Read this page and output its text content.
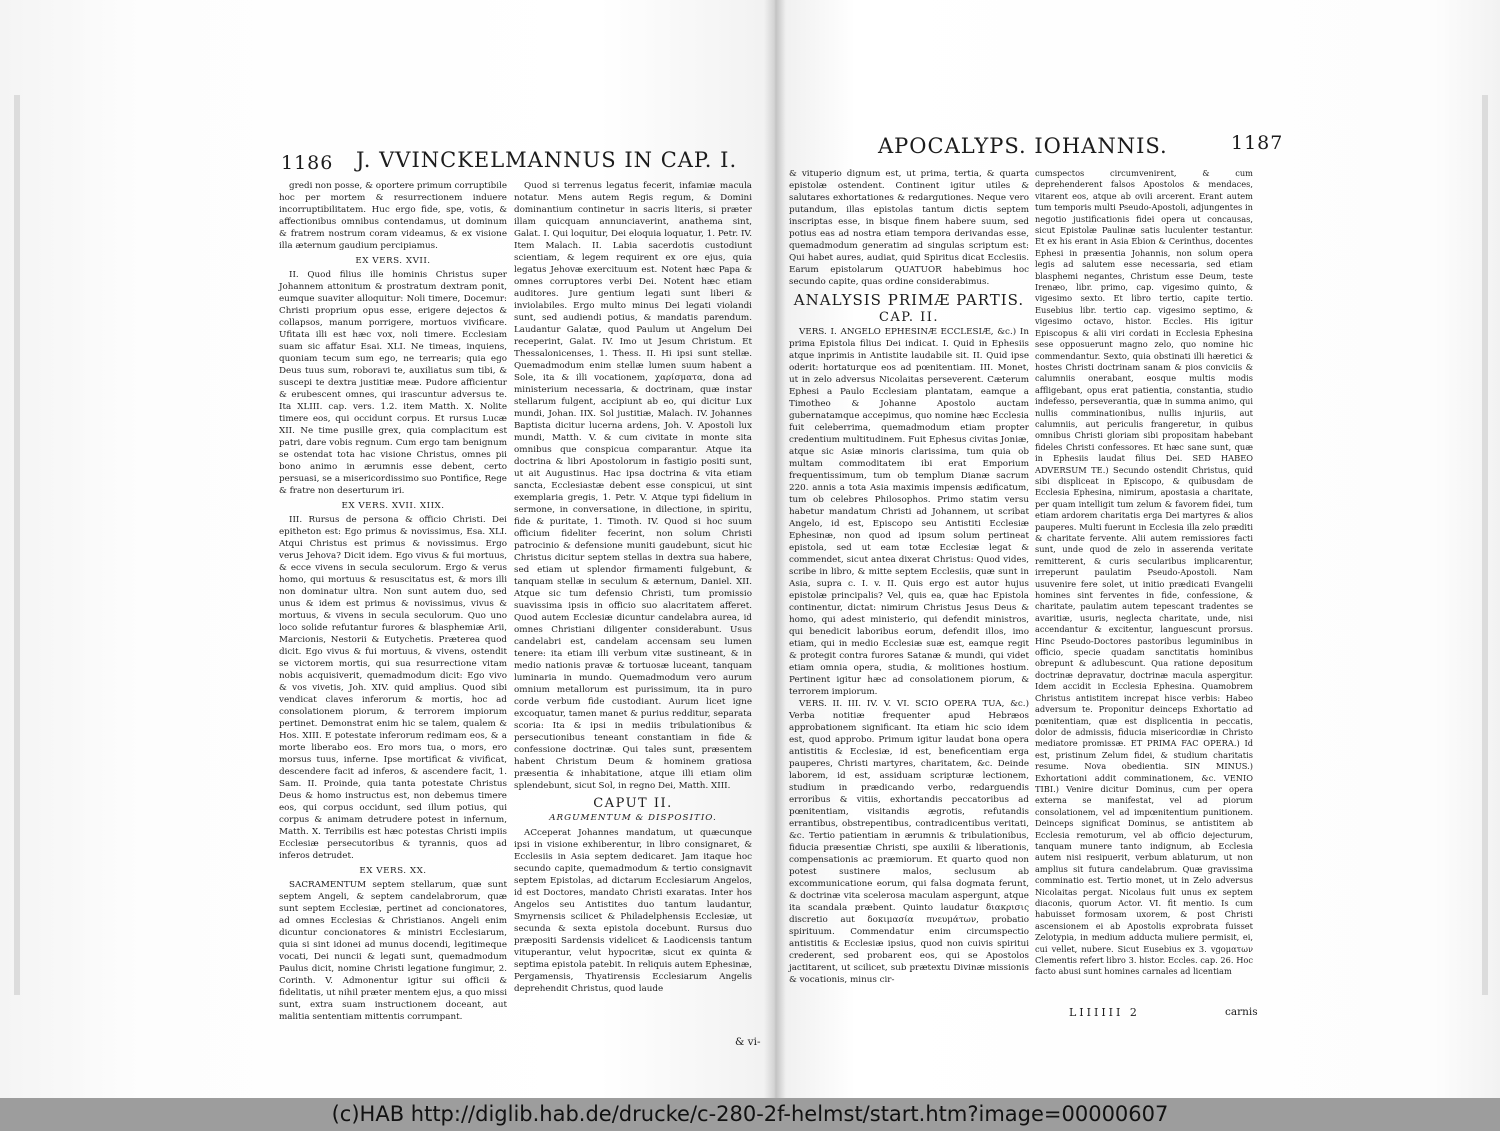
1186 J. VVINCKELMANNUS IN CAP. I.

gredi non posse, & oportere primum corruptibile hoc per mortem & resurrectionem induere incorruptibilitatem. Huc ergo fide, spe, votis, & affectionibus omnibus contendamus, ut dominum & fratrem nostrum coram videamus, & ex visione illa æternum gaudium percipiamus.

EX VERS. XVII.

II. Quod filius ille hominis Christus super Johannem attonitum & prostratum dextram ponit, eumque suaviter alloquitur: Noli timere, Docemur: Christi proprium opus esse, erigere dejectos & collapsos, manum porrigere, mortuos vivificare. Ufitata illi est hæc vox, noli timere. Ecclesiam suam sic affatur Esai. XLI. Ne timeas, inquiens, quoniam tecum sum ego, ne terrearis; quia ego Deus tuus sum, roboravi te, auxiliatus sum tibi, & suscepi te dextra justitiæ meæ. Pudore afficientur & erubescent omnes, qui irascuntur adversus te. Ita XLIII. cap. vers. 1.2. item Matth. X. Nolite timere eos, qui occidunt corpus. Et rursus Lucæ XII. Ne time pusille grex, quia complacitum est patri, dare vobis regnum. Cum ergo tam benignum se ostendat tota hac visione Christus, omnes pii bono animo in ærumnis esse debent, certo persuasi, se a misericordissimo suo Pontifice, Rege & fratre non deserturum iri.

EX VERS. XVII. XIIX.

III. Rursus de persona & officio Christi. Dei epitheton est: Ego primus & novissimus, Esa. XLI. Atqui Christus est primus & novissimus. Ergo verus Jehova? Dicit idem. Ego vivus & fui mortuus, & ecce vivens in secula seculorum. Ergo & verus homo, qui mortuus & resuscitatus est, & mors illi non dominatur ultra. Non sunt autem duo, sed unus & idem est primus & novissimus, vivus & mortuus, & vivens in secula seculorum. Quo uno loco solide refutantur furores & blasphemiæ Arii, Marcionis, Nestorii & Eutychetis. Præterea quod dicit. Ego vivus & fui mortuus, & vivens, ostendit se victorem mortis, qui sua resurrectione vitam nobis acquisiverit, quemadmodum dicit: Ego vivo & vos vivetis, Joh. XIV. quid amplius. Quod sibi vendicat claves inferorum & mortis, hoc ad consolationem piorum, & terrorem impiorum pertinet. Demonstrat enim hic se talem, qualem & Hos. XIII. E potestate inferorum redimam eos, & a morte liberabo eos. Ero mors tua, o mors, ero morsus tuus, inferne. Ipse mortificat & vivificat, descendere facit ad inferos, & ascendere facit, 1. Sam. II. Proinde, quia tanta potestate Christus Deus & homo instructus est, non debemus timere eos, qui corpus occidunt, sed illum potius, qui corpus & animam detrudere potest in infernum, Matth. X. Terribilis est hæc potestas Christi impiis Ecclesiæ persecutoribus & tyrannis, quos ad inferos detrudet.

EX VERS. XX.

SACRAMENTUM septem stellarum, quæ sunt septem Angeli, & septem candelabrorum, quæ sunt septem Ecclesiæ, pertinet ad concionatores, ad omnes Ecclesias & Christianos. Angeli enim dicuntur concionatores & ministri Ecclesiarum, quia si sint idonei ad munus docendi, legitimeque vocati, Dei nuncii & legati sunt, quemadmodum Paulus dicit, nomine Christi legatione fungimur, 2. Corinth. V. Admonentur igitur sui officii & fidelitatis, ut nihil præter mentem ejus, a quo missi sunt, extra suam instructionem doceant, aut malitia sententiam mittentis corrumpant.

Quod si terrenus legatus fecerit, infamiæ macula notatur. Mens autem Regis regum, & Domini dominantium continetur in sacris literis, si præter illam quicquam annunciaverint, anathema sint, Galat. I. Qui loquitur, Dei eloquia loquatur, 1. Petr. IV. Item Malach. II. Labia sacerdotis custodiunt scientiam, & legem requirent ex ore ejus, quia legatus Jehovæ exercituum est. Notent hæc Papa & omnes corruptores verbi Dei. Notent hæc etiam auditores. Jure gentium legati sunt liberi & inviolabiles. Ergo multo minus Dei legati violandi sunt, sed audiendi potius, & mandatis parendum. Laudantur Galatæ, quod Paulum ut Angelum Dei receperint, Galat. IV. Imo ut Jesum Christum. Et Thessalonicenses, 1. Thess. II. Hi ipsi sunt stellæ. Quemadmodum enim stellæ lumen suum habent a Sole, ita & illi vocationem, χαρίσματα, dona ad ministerium necessaria, & doctrinam, quæ instar stellarum fulgent, accipiunt ab eo, qui dicitur Lux mundi, Johan. IIX. Sol justitiæ, Malach. IV. Johannes Baptista dicitur lucerna ardens, Joh. V. Apostoli lux mundi, Matth. V. & cum civitate in monte sita omnibus que conspicua comparantur. Atque ita doctrina & libri Apostolorum in fastigio positi sunt, ut ait Augustinus. Hac ipsa doctrina & vita etiam sancta, Ecclesiastæ debent esse conspicui, ut sint exemplaria gregis, 1. Petr. V. Atque typi fidelium in sermone, in conversatione, in dilectione, in spiritu, fide & puritate, 1. Timoth. IV. Quod si hoc suum officium fideliter fecerint, non solum Christi patrocinio & defensione muniti gaudebunt, sicut hic Christus dicitur septem stellas in dextra sua habere, sed etiam ut splendor firmamenti fulgebunt, & tanquam stellæ in seculum & æternum, Daniel. XII. Atque sic tum defensio Christi, tum promissio suavissima ipsis in officio suo alacritatem afferet. Quod autem Ecclesiæ dicuntur candelabra aurea, id omnes Christiani diligenter considerabunt. Usus candelabri est, candelam accensam seu lumen tenere: ita etiam illi verbum vitæ sustineant, & in medio nationis pravæ & tortuosæ luceant, tanquam luminaria in mundo. Quemadmodum vero aurum omnium metallorum est purissimum, ita in puro corde verbum fide custodiant. Aurum licet igne excoquatur, tamen manet & purius redditur, separata scoria: Ita & ipsi in mediis tribulationibus & persecutionibus teneant constantiam in fide & confessione doctrinæ. Qui tales sunt, præsentem habent Christum Deum & hominem gratiosa præsentia & inhabitatione, atque illi etiam olim splendebunt, sicut Sol, in regno Dei, Matth. XIII.

CAPUT II.
ARGUMENTUM & DISPOSITIO.

ACceperat Johannes mandatum, ut quæcunque ipsi in visione exhiberentur, in libro consignaret, & Ecclesiis in Asia septem dedicaret. Jam itaque hoc secundo capite, quemadmodum & tertio consignavit septem Epistolas, ad dictarum Ecclesiarum Angelos, id est Doctores, mandato Christi exaratas. Inter hos Angelos seu Antistites duo tantum laudantur, Smyrnensis scilicet & Philadelphensis Ecclesiæ, ut secunda & sexta epistola docebunt. Rursus duo præpositi Sardensis videlicet & Laodicensis tantum vituperantur, velut hypocritæ, sicut ex quinta & septima epistola patebit. In reliquis autem Ephesinæ, Pergamensis, Thyatirensis Ecclesiarum Angelis deprehendit Christus, quod laude

& vi-
APOCALYPS. IOHANNIS.	1187

& vituperio dignum est, ut prima, tertia, & quarta epistolæ ostendent. Continent igitur utiles & salutares exhortationes & redargutiones. Neque vero putandum, illas epistolas tantum dictis septem inscriptas esse, in bisque finem habere suum, sed potius eas ad nostra etiam tempora derivandas esse, quemadmodum generatim ad singulas scriptum est: Qui habet aures, audiat, quid Spiritus dicat Ecclesiis. Earum epistolarum QUATUOR habebimus hoc secundo capite, quas ordine considerabimus.

ANALYSIS PRIMÆ PARTIS.
CAP. II.

VERS. I. ANGELO EPHESINÆ ECCLESIÆ, &c.) In prima Epistola filius Dei indicat. I. Quid in Ephesiis atque inprimis in Antistite laudabile sit. II. Quid ipse oderit: hortaturque eos ad pœnitentiam. III. Monet, ut in zelo adversus Nicolaitas perseverent. Cæterum Ephesi a Paulo Ecclesiam plantatam, eamque a Timotheo & Johanne Apostolo auctam gubernatamque accepimus, quo nomine hæc Ecclesia fuit celeberrima, quemadmodum etiam propter credentium multitudinem. Fuit Ephesus civitas Joniæ, atque sic Asiæ minoris clarissima, tum quia ob multam commoditatem ibi erat Emporium frequentissimum, tum ob templum Dianæ sacrum 220. annis a tota Asia maximis impensis ædificatum, tum ob celebres Philosophos. Primo statim versu habetur mandatum Christi ad Johannem, ut scribat Angelo, id est, Episcopo seu Antistiti Ecclesiæ Ephesinæ, non quod ad ipsum solum pertineat epistola, sed ut eam totæ Ecclesiæ legat & commendet, sicut antea dixerat Christus: Quod vides, scribe in libro, & mitte septem Ecclesiis, quæ sunt in Asia, supra c. I. v. II. Quis ergo est autor hujus epistolæ principalis? Vel, quis ea, quæ hac Epistola continentur, dictat: nimirum Christus Jesus Deus & homo, qui adest ministerio, qui defendit ministros, qui benedicit laboribus eorum, defendit illos, imo etiam, qui in medio Ecclesiæ suæ est, eamque regit & protegit contra furores Satanæ & mundi, qui videt etiam omnia opera, studia, & molitiones hostium. Pertinent igitur hæc ad consolationem piorum, & terrorem impiorum.

VERS. II. III. IV. V. VI. SCIO OPERA TUA, &c.) Verba notitiæ frequenter apud Hebræos approbationem significant. Ita etiam hic scio idem est, quod approbo. Primum igitur laudat bona opera antistitis & Ecclesiæ, id est, beneficentiam erga pauperes, Christi martyres, charitatem, &c. Deinde laborem, id est, assiduam scripturæ lectionem, studium in prædicando verbo, redarguendis erroribus & vitiis, exhortandis peccatoribus ad pœnitentiam, visitandis ægrotis, refutandis errantibus, obstrepentibus, contradicentibus veritati, &c. Tertio patientiam in ærumnis & tribulationibus, fiducia præsentiæ Christi, spe auxilii & liberationis, compensationis ac præmiorum. Et quarto quod non potest sustinere malos, seclusum ab excommunicatione eorum, qui falsa dogmata ferunt, & doctrinæ vita scelerosa maculam aspergunt, atque ita scandala præbent. Quinto laudatur διακρισις discretio aut δοκιμασία πνευμάτων, probatio spirituum. Commendatur enim circumspectio antistitis & Ecclesiæ ipsius, quod non cuivis spiritui crederent, sed probarent eos, qui se Apostolos jactitarent, ut scilicet, sub prætextu Divinæ missionis & vocationis, minus cir-

cumspectos circumvenirent, & cum deprehenderent falsos Apostolos & mendaces, vitarent eos, atque ab ovili arcerent. Erant autem tum temporis multi Pseudo-Apostoli, adjungentes in negotio justificationis fidei opera ut concausas, sicut Epistolæ Paulinæ satis luculenter testantur. Et ex his erant in Asia Ebion & Cerinthus, docentes Ephesi in præsentia Johannis, non solum opera legis ad salutem esse necessaria, sed etiam blasphemi negantes, Christum esse Deum, teste Irenæo, libr. primo, cap. vigesimo quinto, & vigesimo sexto. Et libro tertio, capite tertio. Eusebius libr. tertio cap. vigesimo septimo, & vigesimo octavo, histor. Eccles. His igitur Episcopus & alii viri cordati in Ecclesia Ephesina sese opposuerunt magno zelo, quo nomine hic commendantur. Sexto, quia obstinati illi hæretici & hostes Christi doctrinam sanam & pios conviciis & calumniis onerabant, eosque multis modis affligebant, opus erat patientia, constantia, studio indefesso, perseverantia, quæ in summa animo, qui nullis comminationibus, nullis injuriis, aut calumniis, aut periculis frangeretur, in quibus omnibus Christi gloriam sibi propositam habebant fideles Christi confessores. Et hæc sane sunt, quæ in Ephesiis laudat filius Dei. SED HABEO ADVERSUM TE.) Secundo ostendit Christus, quid sibi displiceat in Episcopo, & quibusdam de Ecclesia Ephesina, nimirum, apostasia a charitate, per quam intelligit tum zelum & favorem fidei, tum etiam ardorem charitatis erga Dei martyres & alios pauperes. Multi fuerunt in Ecclesia illa zelo præditi & charitate fervente. Alii autem remissiores facti sunt, unde quod de zelo in asserenda veritate remitterent, & curis secularibus implicarentur, irreperunt paulatim Pseudo-Apostoli. Nam usuvenire fere solet, ut initio prædicati Evangelii homines sint ferventes in fide, confessione, & charitate, paulatim autem tepescant tradentes se avaritiæ, usuris, neglecta charitate, unde, nisi accendantur & excitentur, languescunt prorsus. Hinc Pseudo-Doctores pastoribus leguminibus in officio, specie quadam sanctitatis hominibus obrepunt & adlubescunt. Qua ratione depositum doctrinæ depravatur, doctrinæ macula aspergitur. Idem accidit in Ecclesia Ephesina. Quamobrem Christus antistitem increpat hisce verbis: Habeo adversum te. Proponitur deinceps Exhortatio ad pœnitentiam, quæ est displicentia in peccatis, dolor de admissis, fiducia misericordiæ in Christo mediatore promissæ. ET PRIMA FAC OPERA.) Id est, pristinum Zelum fidei, & studium charitatis resume. Nova obedientia. SIN MINUS.) Exhortationi addit comminationem, &c. VENIO TIBI.) Venire dicitur Dominus, cum per opera externa se manifestat, vel ad piorum consolationem, vel ad impœnitentium punitionem. Deinceps significat Dominus, se antistitem ab Ecclesia remoturum, vel ab officio dejecturum, tanquam munere tanto indignum, ab Ecclesia autem nisi resipuerit, verbum ablaturum, ut non amplius sit futura candelabrum. Quæ gravissima comminatio est. Tertio monet, ut in Zelo adversus Nicolaitas pergat. Nicolaus fuit unus ex septem diaconis, quorum Actor. VI. fit mentio. Is cum habuisset formosam uxorem, & post Christi ascensionem ei ab Apostolis exprobrata fuisset Zelotypia, in medium adducta muliere permisit, ei, cui vellet, nubere. Sicut Eusebius ex 3. vgoματων Clementis refert libro 3. histor. Eccles. cap. 26. Hoc facto abusi sunt homines carnales ad licentiam

LIIIIII 2	carnis
(c)HAB http://diglib.hab.de/drucke/c-280-2f-helmst/start.htm?image=00000607
